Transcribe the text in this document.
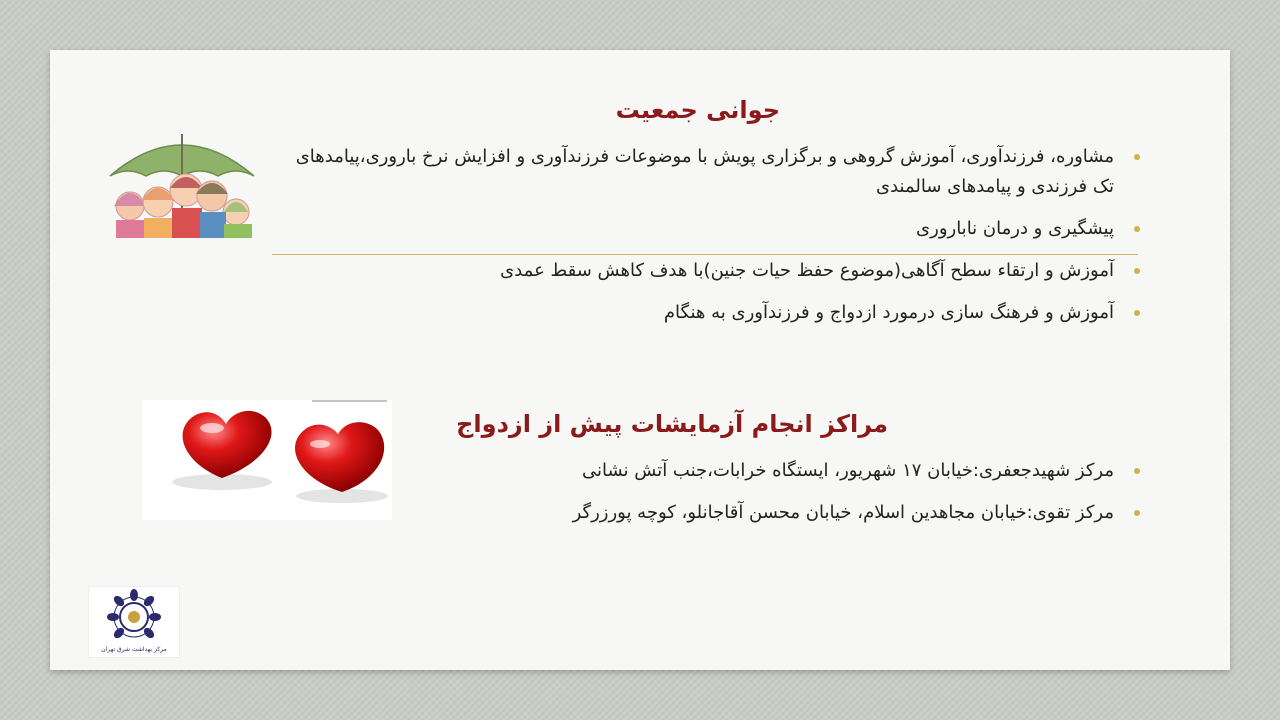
جوانی جمعیت
مشاوره، فرزندآوری، آموزش گروهی و برگزاری پویش با موضوعات فرزندآوری و افزایش نرخ باروری،پیامدهای تک فرزندی و پیامدهای سالمندی
پیشگیری و درمان ناباروری
آموزش و ارتقاء سطح آگاهی(موضوع حفظ حیات جنین)با هدف کاهش سقط عمدی
آموزش و فرهنگ سازی درمورد ازدواج و فرزندآوری به هنگام
مراکز انجام آزمایشات پیش از ازدواج
مرکز شهیدجعفری:خیابان ۱۷ شهریور، ایستگاه خرابات،جنب آتش نشانی
مرکز تقوی:خیابان مجاهدین اسلام، خیابان محسن آقاجانلو، کوچه پورزرگر
مرکز بهداشت شرق تهران
